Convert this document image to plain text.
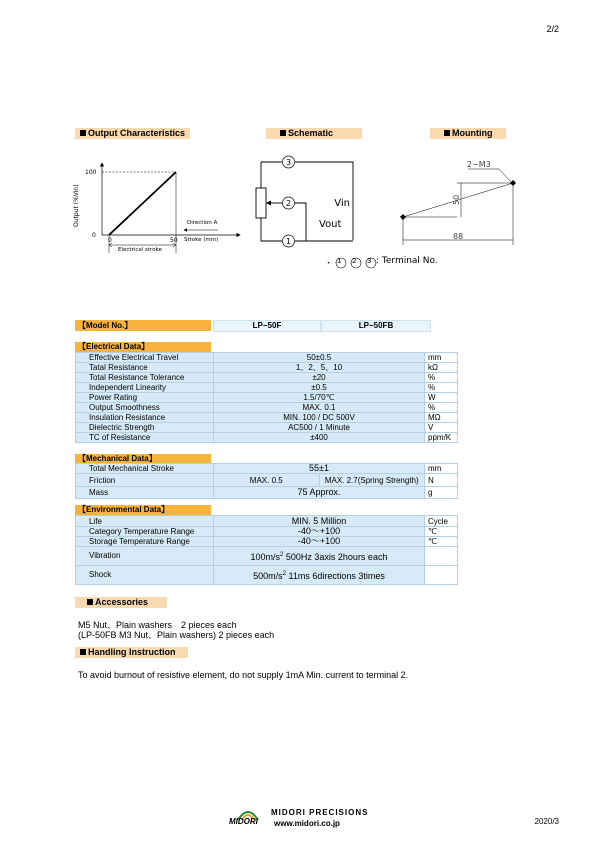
2/2
Output Characteristics	Schematic	Mounting
Output (%Vin)
100
0
0	50
Direction A
Stroke (mm)
Electrical stroke
3
2
1
Vin
Vout
・ 1 2 3 : Terminal No.
2−M3
50
88
【Model No.】	LP−50F	LP−50FB
【Electrical Data】
Effective Electrical Travel	50±0.5	mm
Tatal Resistance	1、2、5、10	kΩ
Total Resistance Tolerance	±20	%
Independent Linearity	±0.5	%
Power Rating	1.5/70℃	W
Output Smoothness	MAX. 0.1	%
Insulation Resistance	MIN. 100 / DC 500V	MΩ
Dielectric Strength	AC500 / 1 Minute	V
TC of Resistance	±400	ppm/K
【Mechanical Data】
Total Mechanical Stroke	55±1		mm
Friction	MAX. 0.5	MAX. 2.7(Spring Strength)	N
Mass	75 Approx.		g
【Environmental Data】
Life	MIN. 5 Million	Cycle
Category Temperature Range	-40〜+100	℃
Storage Temperature Range	-40〜+100	℃
Vibration	$100m/s^2$ 500Hz 3axis 2hours each	
Shock	$500m/s^2$ 11ms 6directions 3times	
Accessories
M5 Nut、Plain washers　2 pieces each
(LP-50FB M3 Nut、Plain washers) 2 pieces each
Handling Instruction
To avoid burnout of resistive element, do not supply 1mA Min. current to terminal 2.
MIDORI
MIDORI PRECISIONS
www.midori.co.jp	2020/3
